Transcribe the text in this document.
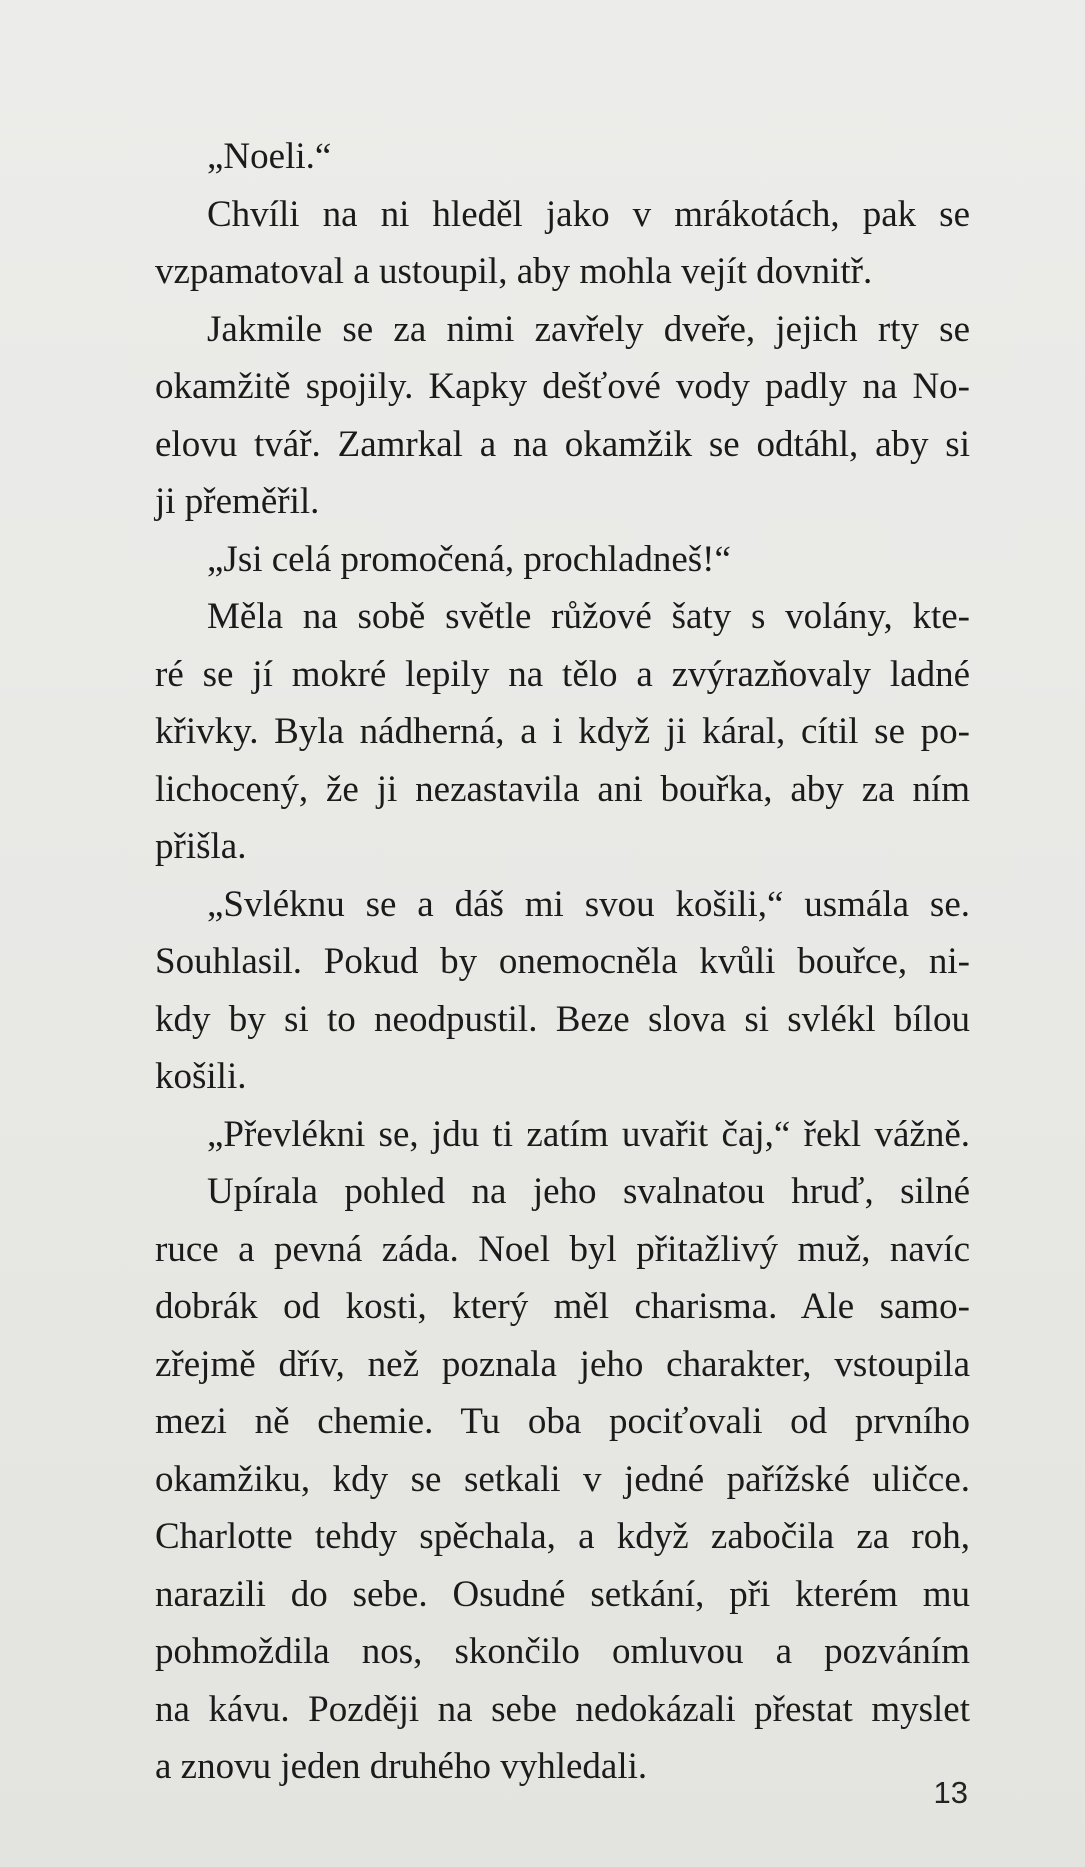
„Noeli.“
Chvíli na ni hleděl jako v mrákotách, pak se
vzpamatoval a ustoupil, aby mohla vejít dovnitř.
Jakmile se za nimi zavřely dveře, jejich rty se
okamžitě spojily. Kapky dešťové vody padly na No-
elovu tvář. Zamrkal a na okamžik se odtáhl, aby si
ji přeměřil.
„Jsi celá promočená, prochladneš!“
Měla na sobě světle růžové šaty s volány, kte-
ré se jí mokré lepily na tělo a zvýrazňovaly ladné
křivky. Byla nádherná, a i když ji káral, cítil se po-
lichocený, že ji nezastavila ani bouřka, aby za ním
přišla.
„Svléknu se a dáš mi svou košili,“ usmála se.
Souhlasil. Pokud by onemocněla kvůli bouřce, ni-
kdy by si to neodpustil. Beze slova si svlékl bílou
košili.
„Převlékni se, jdu ti zatím uvařit čaj,“ řekl vážně.
Upírala pohled na jeho svalnatou hruď, silné
ruce a pevná záda. Noel byl přitažlivý muž, navíc
dobrák od kosti, který měl charisma. Ale samo-
zřejmě dřív, než poznala jeho charakter, vstoupila
mezi ně chemie. Tu oba pociťovali od prvního
okamžiku, kdy se setkali v jedné pařížské uličce.
Charlotte tehdy spěchala, a když zabočila za roh,
narazili do sebe. Osudné setkání, při kterém mu
pohmoždila nos, skončilo omluvou a pozváním
na kávu. Později na sebe nedokázali přestat myslet
a znovu jeden druhého vyhledali.
13
